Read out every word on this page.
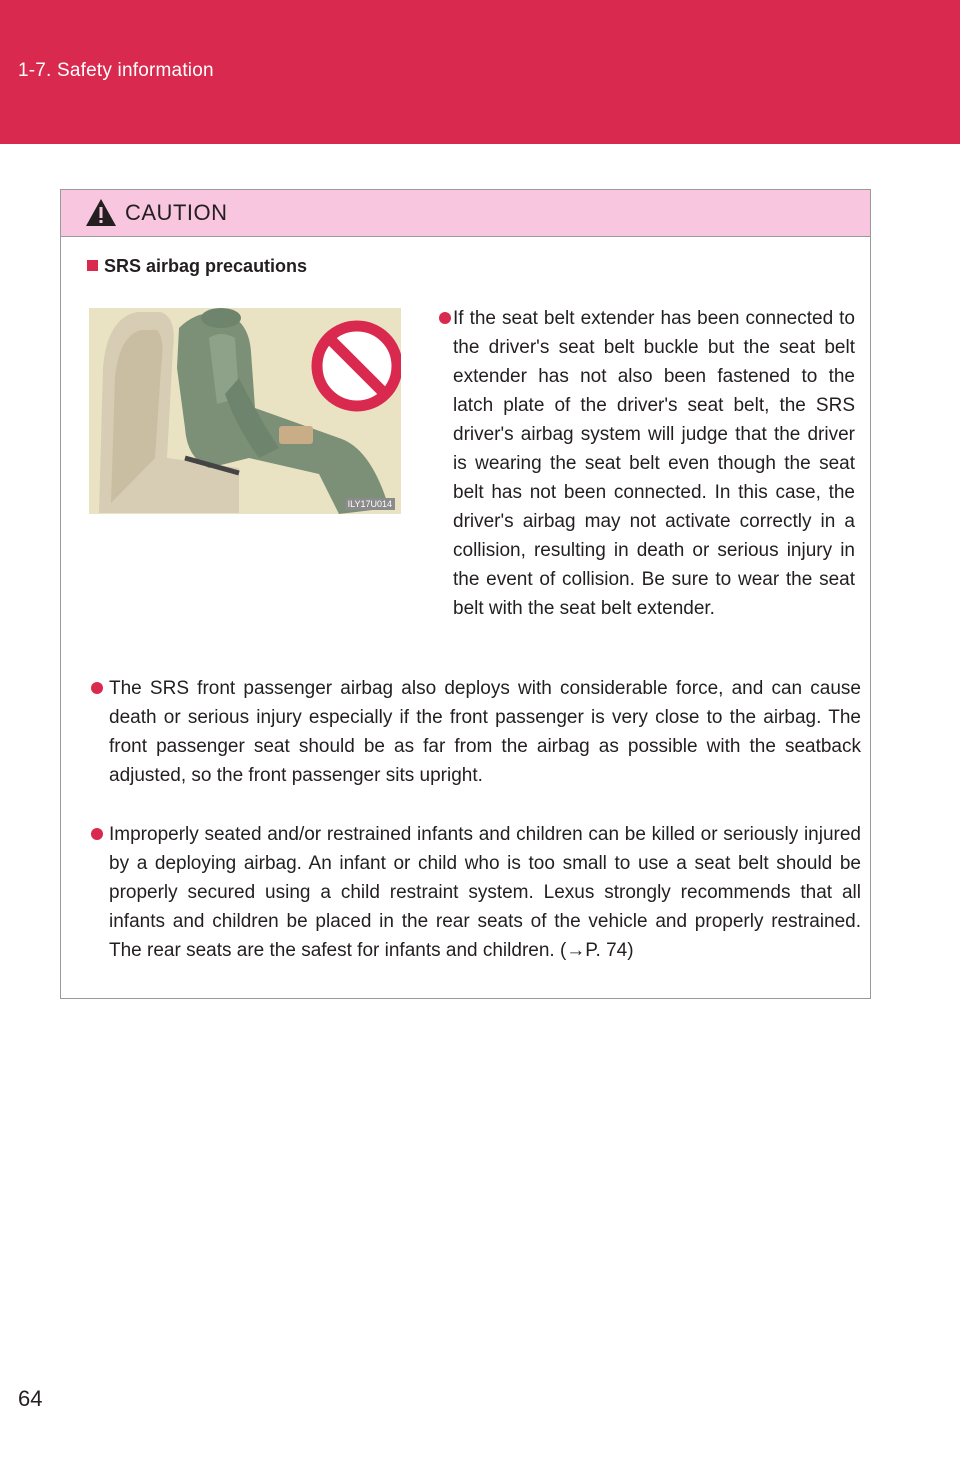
1-7. Safety information
CAUTION
SRS airbag precautions
ILY17U014
If the seat belt extender has been connected to the driver's seat belt buckle but the seat belt extender has not also been fastened to the latch plate of the driver's seat belt, the SRS driver's airbag system will judge that the driver is wearing the seat belt even though the seat belt has not been connected. In this case, the driver's airbag may not activate correctly in a collision, resulting in death or serious injury in the event of collision. Be sure to wear the seat belt with the seat belt extender.
The SRS front passenger airbag also deploys with considerable force, and can cause death or serious injury especially if the front passenger is very close to the airbag. The front passenger seat should be as far from the airbag as possible with the seatback adjusted, so the front passenger sits upright.
Improperly seated and/or restrained infants and children can be killed or seriously injured by a deploying airbag. An infant or child who is too small to use a seat belt should be properly secured using a child restraint system. Lexus strongly recommends that all infants and children be placed in the rear seats of the vehicle and properly restrained. The rear seats are the safest for infants and children. (→P. 74)
64
